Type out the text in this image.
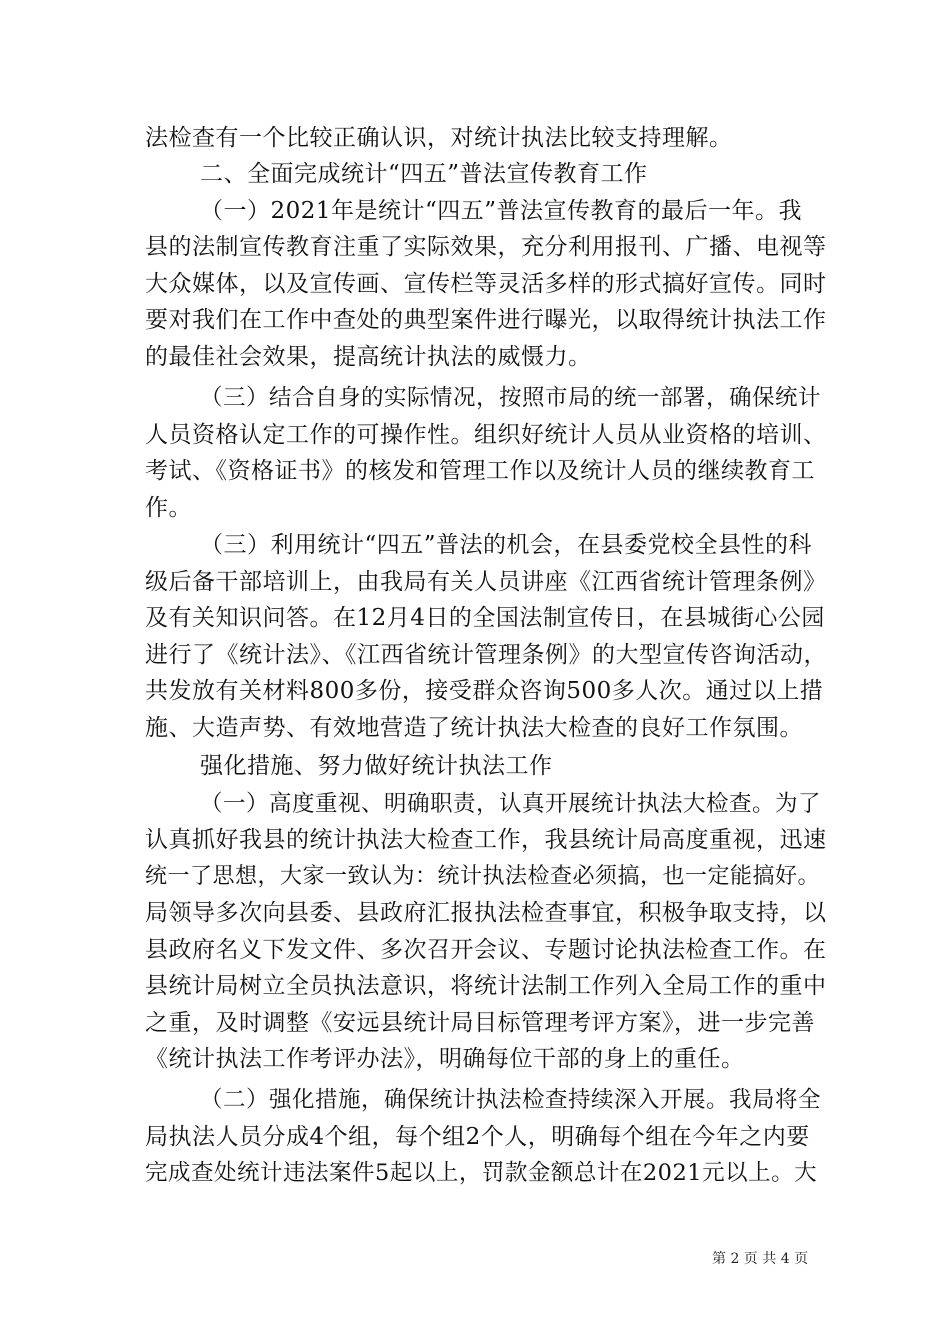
法检查有一个比较正确认识，对统计执法比较支持理解。
二、全面完成统计“四五”普法宣传教育工作
（一）2021年是统计“四五”普法宣传教育的最后一年。我
县的法制宣传教育注重了实际效果，充分利用报刊、广播、电视等
大众媒体，以及宣传画、宣传栏等灵活多样的形式搞好宣传。同时
要对我们在工作中查处的典型案件进行曝光，以取得统计执法工作
的最佳社会效果，提高统计执法的威慑力。
（三）结合自身的实际情况，按照市局的统一部署，确保统计
人员资格认定工作的可操作性。组织好统计人员从业资格的培训、
考试、《资格证书》的核发和管理工作以及统计人员的继续教育工
作。
（三）利用统计“四五”普法的机会，在县委党校全县性的科
级后备干部培训上，由我局有关人员讲座《江西省统计管理条例》
及有关知识问答。在12月4日的全国法制宣传日，在县城街心公园
进行了《统计法》、《江西省统计管理条例》的大型宣传咨询活动，
共发放有关材料800多份，接受群众咨询500多人次。通过以上措
施、大造声势、有效地营造了统计执法大检查的良好工作氛围。
强化措施、努力做好统计执法工作
（一）高度重视、明确职责，认真开展统计执法大检查。为了
认真抓好我县的统计执法大检查工作，我县统计局高度重视，迅速
统一了思想，大家一致认为：统计执法检查必须搞，也一定能搞好。
局领导多次向县委、县政府汇报执法检查事宜，积极争取支持，以
县政府名义下发文件、多次召开会议、专题讨论执法检查工作。在
县统计局树立全员执法意识，将统计法制工作列入全局工作的重中
之重，及时调整《安远县统计局目标管理考评方案》，进一步完善
《统计执法工作考评办法》，明确每位干部的身上的重任。
（二）强化措施，确保统计执法检查持续深入开展。我局将全
局执法人员分成4个组，每个组2个人，明确每个组在今年之内要
完成查处统计违法案件5起以上，罚款金额总计在2021元以上。大
第 2 页 共 4 页
